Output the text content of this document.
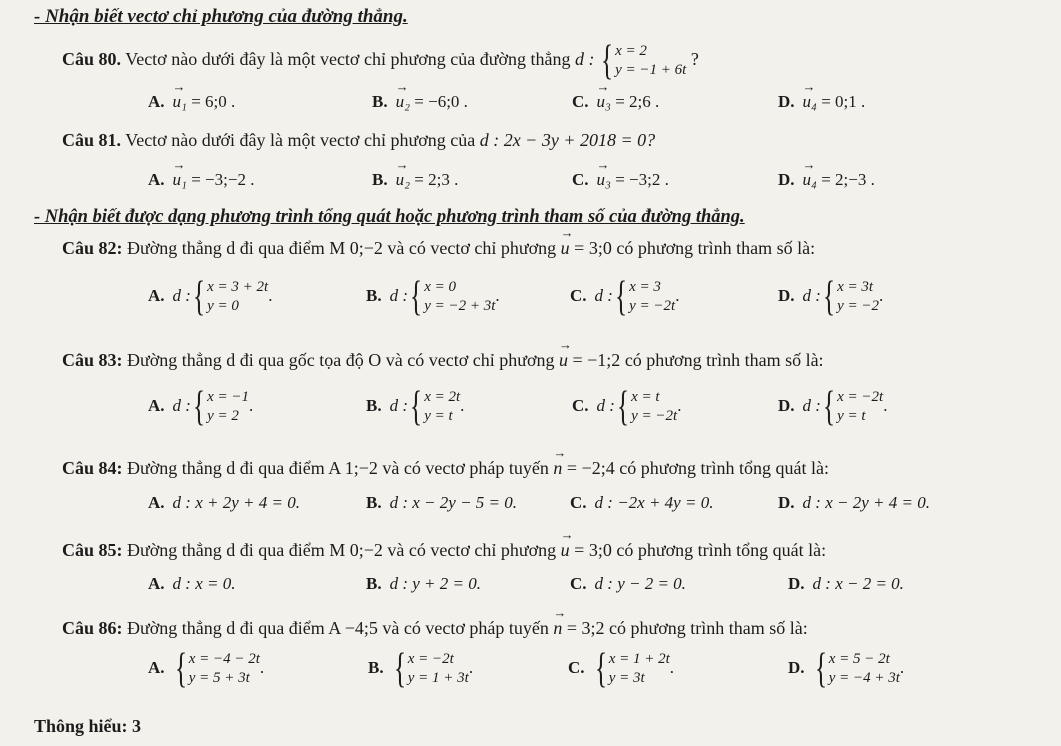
- Nhận biết vectơ chỉ phương của đường thẳng.
Câu 80. Vectơ nào dưới đây là một vectơ chỉ phương của đường thẳng d : { x = 2
y = −1 + 6t
?
A. → u₁ = 6;0 .	B. → u₂ = −6;0 .	C. → u₃ = 2;6 .	D. → u₄ = 0;1 .
Câu 81. Vectơ nào dưới đây là một vectơ chỉ phương của d : 2x − 3y + 2018 = 0?
A. → u₁ = −3;−2 .	B. → u₂ = 2;3 .	C. → u₃ = −3;2 .	D. → u₄ = 2;−3 .
- Nhận biết được dạng phương trình tổng quát hoặc phương trình tham số của đường thẳng.
Câu 82: Đường thẳng d đi qua điểm M 0;−2 và có vectơ chỉ phương → u = 3;0 có phương trình tham số là:
A. d : { x = 3 + 2t
y = 0
.	B. d : { x = 0
y = −2 + 3t
.	C. d : { x = 3
y = −2t
.	D. d : { x = 3t
y = −2
.
Câu 83: Đường thẳng d đi qua gốc tọa độ O và có vectơ chỉ phương → u = −1;2 có phương trình tham số là:
A. d : { x = −1
y = 2
.	B. d : { x = 2t
y = t
.	C. d : { x = t
y = −2t
.	D. d : { x = −2t
y = t
.
Câu 84: Đường thẳng d đi qua điểm A 1;−2 và có vectơ pháp tuyến → n = −2;4 có phương trình tổng quát là:
A. d : x + 2y + 4 = 0.	B. d : x − 2y − 5 = 0.	C. d : −2x + 4y = 0.	D. d : x − 2y + 4 = 0.
Câu 85: Đường thẳng d đi qua điểm M 0;−2 và có vectơ chỉ phương → u = 3;0 có phương trình tổng quát là:
A. d : x = 0.	B. d : y + 2 = 0.	C. d : y − 2 = 0.	D. d : x − 2 = 0.
Câu 86: Đường thẳng d đi qua điểm A −4;5 và có vectơ pháp tuyến → n = 3;2 có phương trình tham số là:
A. { x = −4 − 2t
y = 5 + 3t
.	B. { x = −2t
y = 1 + 3t
.	C. { x = 1 + 2t
y = 3t
.	D. { x = 5 − 2t
y = −4 + 3t
.
Thông hiểu: 3
